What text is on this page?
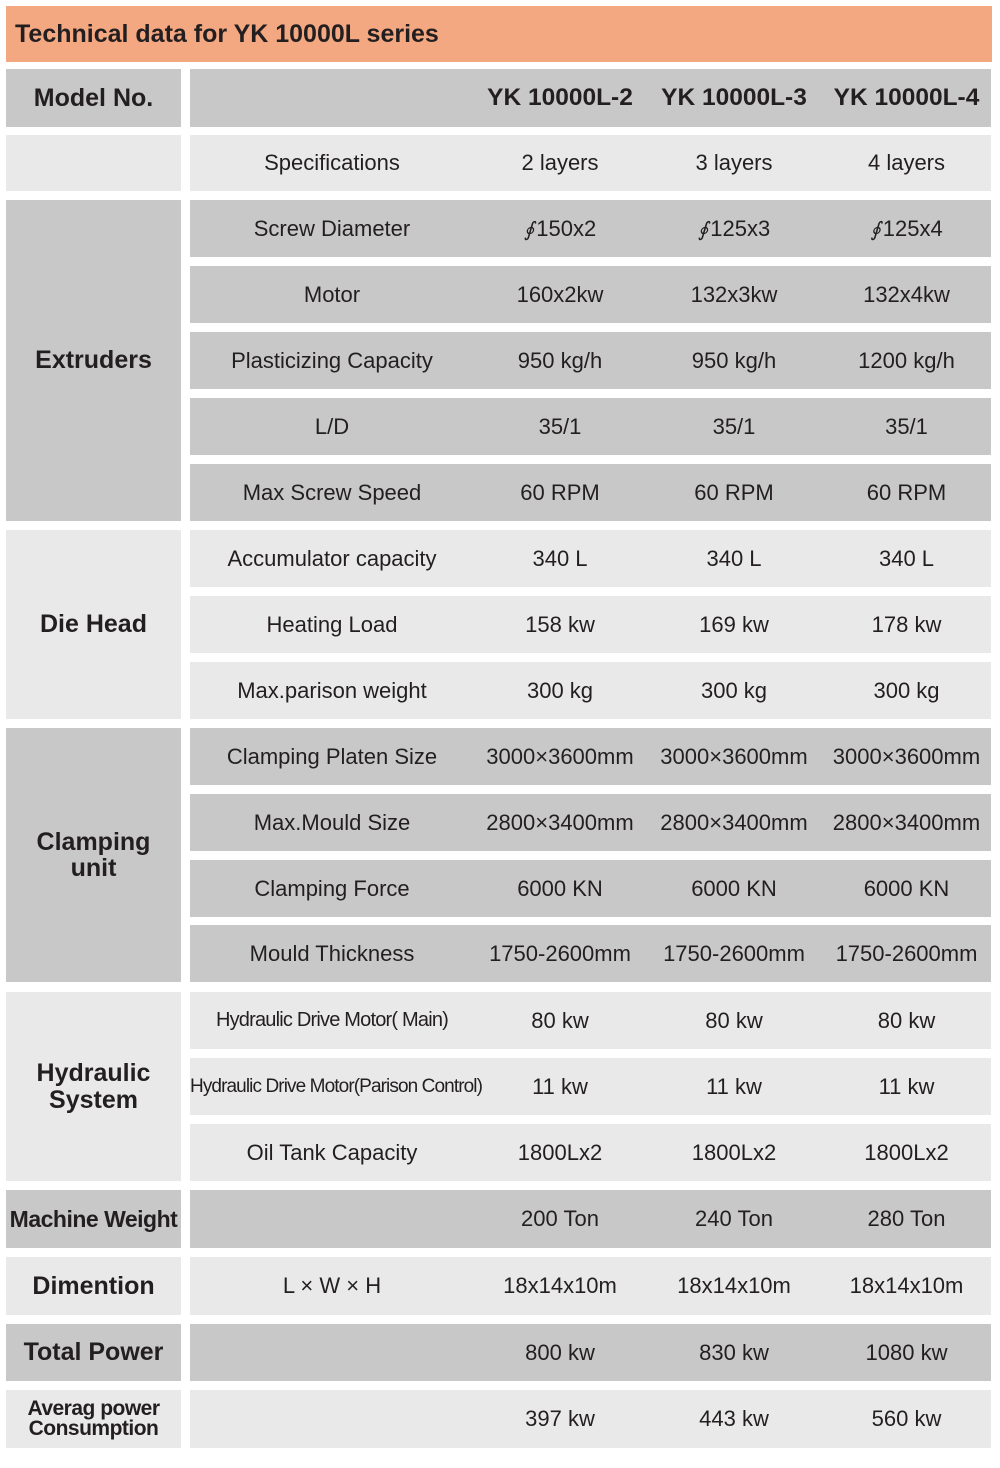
Technical data for YK 10000L series
Model No.	YK 10000L-2	YK 10000L-3	YK 10000L-4
Specifications	2 layers	3 layers	4 layers
Extruders
Screw Diameter	∮150x2	∮125x3	∮125x4
Motor	160x2kw	132x3kw	132x4kw
Plasticizing Capacity	950 kg/h	950 kg/h	1200 kg/h
L/D	35/1	35/1	35/1
Max Screw Speed	60 RPM	60 RPM	60 RPM
Die Head
Accumulator capacity	340 L	340 L	340 L
Heating Load	158 kw	169 kw	178 kw
Max.parison weight	300 kg	300 kg	300 kg
Clamping
unit
Clamping Platen Size	3000×3600mm	3000×3600mm	3000×3600mm
Max.Mould Size	2800×3400mm	2800×3400mm	2800×3400mm
Clamping Force	6000 KN	6000 KN	6000 KN
Mould Thickness	1750-2600mm	1750-2600mm	1750-2600mm
Hydraulic
System
Hydraulic Drive Motor( Main)	80 kw	80 kw	80 kw
Hydraulic Drive Motor(Parison Control)	11 kw	11 kw	11 kw
Oil Tank Capacity	1800Lx2	1800Lx2	1800Lx2
Machine Weight	200 Ton	240 Ton	280 Ton
Dimention	L × W × H	18x14x10m	18x14x10m	18x14x10m
Total Power	800 kw	830 kw	1080 kw
Averag power
Consumption	397 kw	443 kw	560 kw
